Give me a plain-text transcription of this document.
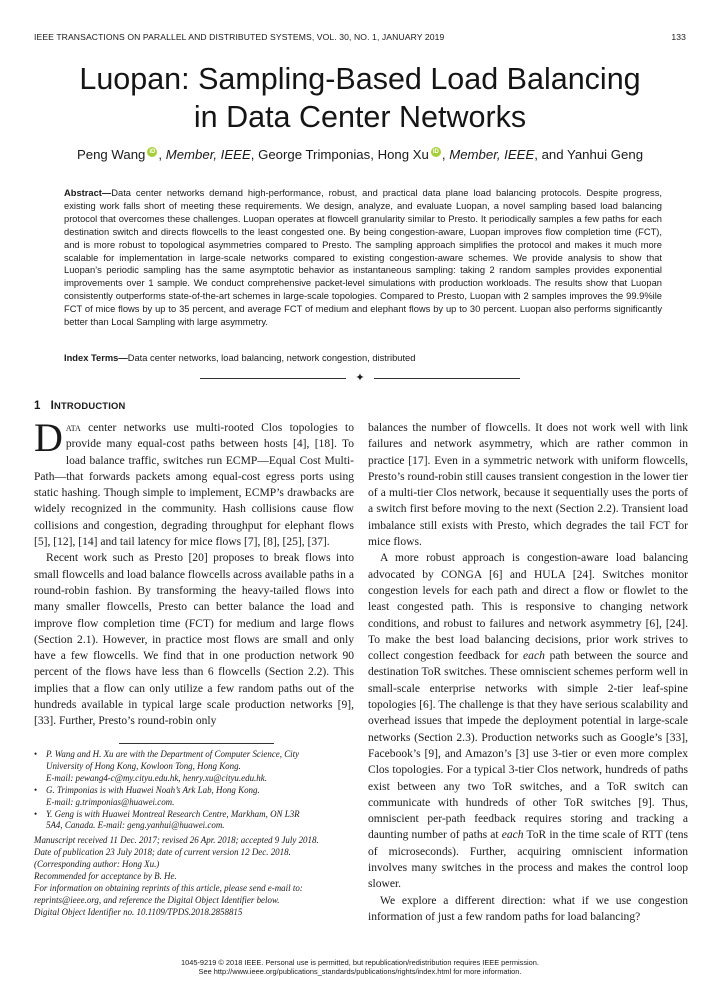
IEEE TRANSACTIONS ON PARALLEL AND DISTRIBUTED SYSTEMS, VOL. 30, NO. 1, JANUARY 2019	133
Luopan: Sampling-Based Load Balancing
in Data Center Networks
Peng Wang iD , Member, IEEE, George Trimponias, Hong Xu iD , Member, IEEE, and Yanhui Geng

Abstract—Data center networks demand high-performance, robust, and practical data plane load balancing protocols. Despite progress, existing work falls short of meeting these requirements. We design, analyze, and evaluate Luopan, a novel sampling based load balancing protocol that overcomes these challenges. Luopan operates at flowcell granularity similar to Presto. It periodically samples a few paths for each destination switch and directs flowcells to the least congested one. By being congestion-aware, Luopan improves flow completion time (FCT), and is more robust to topological asymmetries compared to Presto. The sampling approach simplifies the protocol and makes it much more scalable for implementation in large-scale networks compared to existing congestion-aware schemes. We provide analysis to show that Luopan’s periodic sampling has the same asymptotic behavior as instantaneous sampling: taking 2 random samples provides exponential improvements over 1 sample. We conduct comprehensive packet-level simulations with production workloads. The results show that Luopan consistently outperforms state-of-the-art schemes in large-scale topologies. Compared to Presto, Luopan with 2 samples improves the 99.9%ile FCT of mice flows by up to 35 percent, and average FCT of medium and elephant flows by up to 30 percent. Luopan also performs significantly better than Local Sampling with large asymmetry.

Index Terms—Data center networks, load balancing, network congestion, distributed

✦
1 INTRODUCTION

Data center networks use multi-rooted Clos topologies to provide many equal-cost paths between hosts [4], [18]. To load balance traffic, switches run ECMP—Equal Cost Multi-Path—that forwards packets among equal-cost egress ports using static hashing. Though simple to implement, ECMP’s drawbacks are widely recognized in the community. Hash collisions cause flow collisions and congestion, degrading throughput for elephant flows [5], [12], [14] and tail latency for mice flows [7], [8], [25], [37].

Recent work such as Presto [20] proposes to break flows into small flowcells and load balance flowcells across available paths in a round-robin fashion. By transforming the heavy-tailed flows into many smaller flowcells, Presto can better balance the load and improve flow completion time (FCT) for medium and large flows (Section 2.1). However, in practice most flows are small and only have a few flowcells. We find that in one production network 90 percent of the flows have less than 6 flowcells (Section 2.2). This implies that a flow can only utilize a few random paths out of the hundreds available in typical large scale production networks [9], [33]. Further, Presto’s round-robin only

balances the number of flowcells. It does not work well with link failures and network asymmetry, which are rather common in practice [17]. Even in a symmetric network with uniform flowcells, Presto’s round-robin still causes transient congestion in the lower tier of a multi-tier Clos network, because it sequentially uses the ports of a switch first before moving to the next (Section 2.2). Transient load imbalance still exists with Presto, which degrades the tail FCT for mice flows.

A more robust approach is congestion-aware load balancing advocated by CONGA [6] and HULA [24]. Switches monitor congestion levels for each path and direct a flow or flowlet to the least congested path. This is responsive to changing network conditions, and robust to failures and network asymmetry [6], [24]. To make the best load balancing decisions, prior work strives to collect congestion feedback for each path between the source and destination ToR switches. These omniscient schemes perform well in small-scale enterprise networks with simple 2-tier leaf-spine topologies [6]. The challenge is that they have serious scalability and overhead issues that impede the deployment potential in large-scale networks (Section 2.3). Production networks such as Google’s [33], Facebook’s [9], and Amazon’s [3] use 3-tier or even more complex Clos topologies. For a typical 3-tier Clos network, hundreds of paths exist between any two ToR switches, and a ToR switch can communicate with hundreds of other ToR switches [9]. Thus, omniscient per-path feedback requires storing and tracking a daunting number of paths at each ToR in the time scale of RTT (tens of microseconds). Further, acquiring omniscient information involves many switches in the process and makes the control loop slower.

We explore a different direction: what if we use congestion information of just a few random paths for load balancing?

• P. Wang and H. Xu are with the Department of Computer Science, City
University of Hong Kong, Kowloon Tong, Hong Kong.
E-mail: pewang4-c@my.cityu.edu.hk, henry.xu@cityu.edu.hk.
• G. Trimponias is with Huawei Noah’s Ark Lab, Hong Kong.
E-mail: g.trimponias@huawei.com.
• Y. Geng is with Huawei Montreal Research Centre, Markham, ON L3R
5A4, Canada. E-mail: geng.yanhui@huawei.com.
Manuscript received 11 Dec. 2017; revised 26 Apr. 2018; accepted 9 July 2018.
Date of publication 23 July 2018; date of current version 12 Dec. 2018.
(Corresponding author: Hong Xu.)
Recommended for acceptance by B. He.
For information on obtaining reprints of this article, please send e-mail to:
reprints@ieee.org, and reference the Digital Object Identifier below.
Digital Object Identifier no. 10.1109/TPDS.2018.2858815
1045-9219 © 2018 IEEE. Personal use is permitted, but republication/redistribution requires IEEE permission.
See http://www.ieee.org/publications_standards/publications/rights/index.html for more information.
